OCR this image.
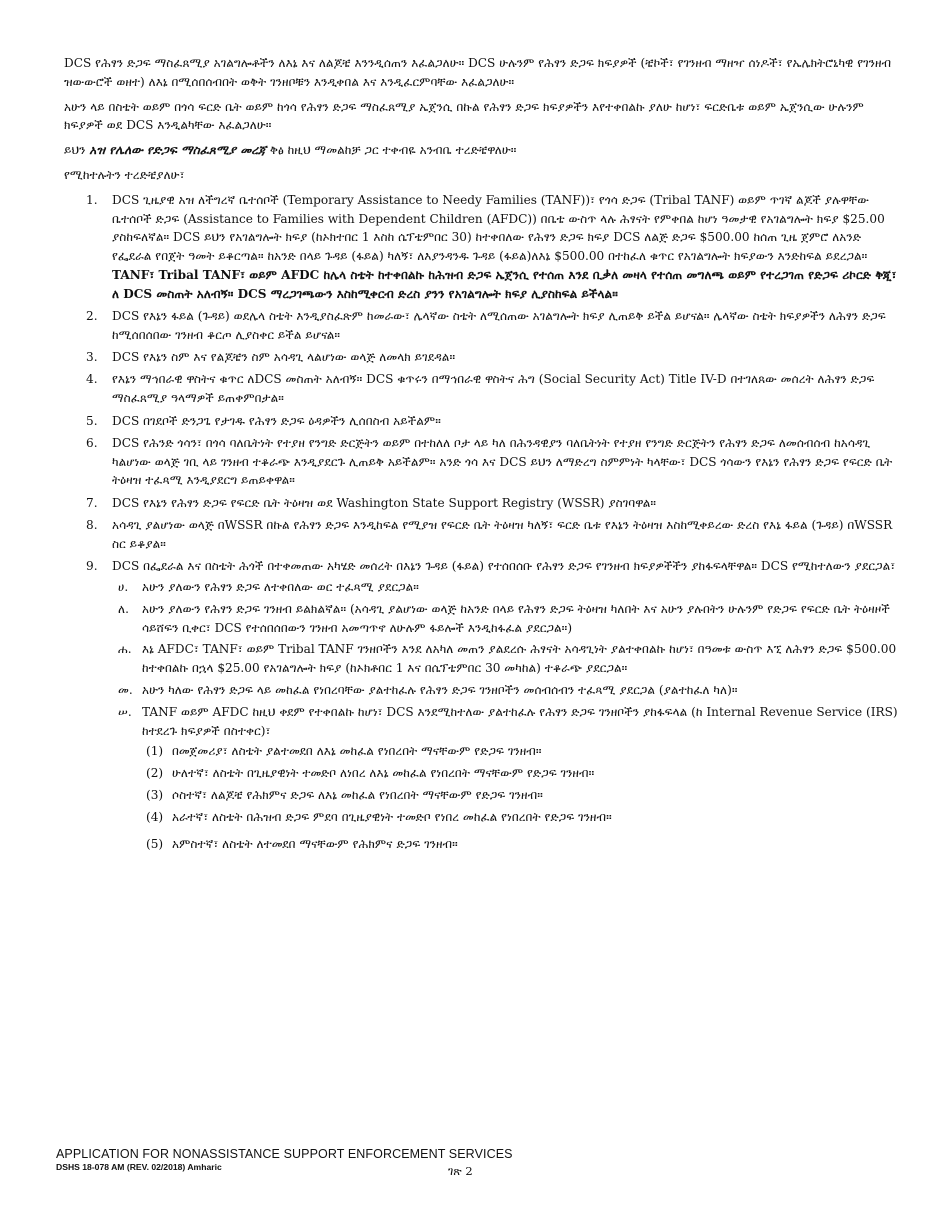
DCS የሕፃን ድጋፍ ማስፈጸሚያ አገልግሎቶችን ለእኔ እና ለልጆቼ እንንዲሰጠን እፈልጋለሁ። DCS ሁሉንም የሕፃን ድጋፍ ክፍያዎች (ቼኮች፣ የገንዘብ ማዘዣ ሰነዶች፣ የኤሌክትሮኒካዊ የገንዘብ ዝውውሮች ወዘተ) ለእኔ በሚሰበሰብበት ወቅት ገንዘቦቹን እንዲቀበል እና እንዲፈርምባቸው እፈልጋለሁ።

አሁን ላይ በስቴት ወይም በጎሳ ፍርድ ቤት ወይም ከጎሳ የሕፃን ድጋፍ ማስፈጸሚያ ኤጀንሲ በኩል የሕፃን ድጋፍ ክፍያዎችን እየተቀበልኩ ያለሁ ከሆነ፣ ፍርድቤቱ ወይም ኤጀንሲው ሁሉንም ክፍያዎች ወደ DCS እንዲልካቸው እፈልጋለሁ።

ይህን አዝ የሌለው የድጋፍ ማስፈጸሚያ መረጃ ቅፅ ከዚህ ማመልከቻ ጋር ተቀብዬ አንብቤ ተረድቼዋለሁ።

የሚከተሉትን ተረድቼያለሁ፣

1. DCS ጊዜያዊ አዝ ለችግረኛ ቤተሰቦች (Temporary Assistance to Needy Families (TANF))፣ የጎሳ ድጋፍ (Tribal TANF) ወይም ጥገኛ ልጆች ያሉዋቸው ቤተሰቦች ድጋፍ (Assistance to Families with Dependent Children (AFDC)) በቤቴ ውስጥ ላሉ ሕፃናት የምቀበል ከሆነ ዓመታዊ የአገልግሎት ክፍያ $25.00 ያስከፍለኛል። DCS ይህን የአገልግሎት ክፍያ (ከኦክተበር 1 እስከ ሴፕቴምበር 30) ከተቀበለው የሕፃን ድጋፍ ክፍያ DCS ለልጅ ድጋፍ $500.00 ከሰጠ ጊዜ ጀምሮ ለአንድ የፌደራል የበጀት ዓመት ይቆርጣል። ከአንድ በላይ ጉዳይ (ፋይል) ካለኝ፣ ለእያንዳንዱ ጉዳይ (ፋይል)ለእኔ $500.00 በተከፈለ ቁጥር የአገልግሎት ክፍያውን እንድከፍል ይደረጋል። TANF፣ Tribal TANF፣ ወይም AFDC ከሌላ ስቴት ከተቀበልኩ ከሕዝብ ድጋፍ ኤጀንሲ የተሰጠ እንደ ቢቃለ መዛላ የተሰጠ መግለጫ ወይም የተረጋገጠ የድጋፍ ሪኮርድ ቅጂ፣ ለ DCS መስጠት አለብኝ። DCS ማረጋገጫውን እስከሚቀርብ ድረስ ያንን የአገልግሎት ክፍያ ሊያስከፍል ይችላል።
2. DCS የእኔን ፋይል (ጉዳይ) ወደሌላ ስቴት እንዲያስፈጽም ከመራው፣ ሌላኛው ስቴት ለሚሰጠው አገልግሎት ክፍያ ሊጠይቅ ይችል ይሆናል። ሌላኛው ስቴት ክፍያዎችን ለሕፃን ድጋፍ ከሚሰበሰበው ገንዘብ ቆርጦ ሊያስቀር ይችል ይሆናል።
3. DCS የእኔን ስም እና የልጆቼን ስም አሳዳጊ ላልሆነው ወላጅ ለመላክ ይገደዳል።
4. የእኔን ማኅበራዊ ዋስትና ቁጥር ለDCS መስጠት አለብኝ። DCS ቁጥሩን በማኅበራዊ ዋስትና ሕግ (Social Security Act) Title IV-D በተገለጸው መሰረት ለሕፃን ድጋፍ ማስፈጸሚያ ዓላማዎች ይጠቀምበታል።
5. DCS በገደቦች ድንጋጌ የታገዱ የሕፃን ድጋፍ ዕዳዎችን ሊሰበስብ አይችልም።
6. DCS የሕንድ ጎሳን፣ በጎሳ ባለቤትነት የተያዘ የንግድ ድርጅትን ወይም በተከለለ ቦታ ላይ ካለ በሕንዳዊያን ባለቤትነት የተያዘ የንግድ ድርጅትን የሕፃን ድጋፍ ለመሰብሰብ ከአሳዳጊ ካልሆነው ወላጅ ገቢ ላይ ገንዘብ ተቆራጭ እንዲያደርጉ ሊጠይቅ አይችልም። አንድ ጎሳ እና DCS ይህን ለማድረግ ስምምነት ካላቸው፣ DCS ጎሳውን የእኔን የሕፃን ድጋፍ የፍርድ ቤት ትዕዛዝ ተፈጻሚ እንዲያደርግ ይጠይቀዋል።
7. DCS የእኔን የሕፃን ድጋፍ የፍርድ ቤት ትዕዛዝ ወደ Washington State Support Registry (WSSR) ያስገባዋል።
8. አሳዳጊ ያልሆነው ወላጅ በWSSR በኩል የሕፃን ድጋፍ እንዲከፍል የሚያዝ የፍርድ ቤት ትዕዛዝ ካለኝ፣ ፍርድ ቤቱ የእኔን ትዕዛዝ እስከሚቀይረው ድረስ የእኔ ፋይል (ጉዳይ) በWSSR ስር ይቆያል።
9. DCS በፌደራል እና በስቴት ሕጎች በተቀመጠው አካሄድ መሰረት በእኔን ጉዳይ (ፋይል) የተሰበሰቡ የሕፃን ድጋፍ የገንዘብ ክፍያዎችችን ያከፋፍላቸዋል። DCS የሚከተለውን ያደርጋል፣
ሀ. አሁን ያለውን የሕፃን ድጋፍ ለተቀበለው ወር ተፈጻሚ ያደርጋል።
ለ. አሁን ያለውን የሕፃን ድጋፍ ገንዘብ ይልክልኛል። (አሳዳጊ ያልሆነው ወላጅ ከአንድ በላይ የሕፃን ድጋፍ ትዕዛዝ ካለበት እና አሁን ያሉበትን ሁሉንም የድጋፍ የፍርድ ቤት ትዕዛዞች ሳይሸፍን ቢቀር፣ DCS የተሰበሰበውን ገንዘብ አመጣጥኖ ለሁሉም ፋይሎች እንዲከፋፈል ያደርጋል።)
ሐ. እኔ AFDC፣ TANF፣ ወይም Tribal TANF ገንዘቦችን እንደ ለአካለ መጠን ያልደረሱ ሕፃናት አሳዳጊነት ያልተቀበልኩ ከሆነ፣ በዓመቱ ውስጥ እኚ ለሕፃን ድጋፍ $500.00 ከተቀበልኩ በኋላ $25.00 የአገልግሎት ክፍያ (ከኦክቶበር 1 እና በሴፕቴምበር 30 መካከል) ተቆራጭ ያደርጋል።
መ. አሁን ካለው የሕፃን ድጋፍ ላይ መከፈል የነበረባቸው ያልተከፈሉ የሕፃን ድጋፍ ገንዘቦችን መሰብሰብን ተፈጻሚ ያደርጋል (ያልተከፈለ ካለ)።
ሠ. TANF ወይም AFDC ከዚህ ቀደም የተቀበልኩ ከሆነ፣ DCS እንደሚከተለው ያልተከፈሉ የሕፃን ድጋፍ ገንዘቦችን ያከፋፍላል (ከ Internal Revenue Service (IRS) ከተደረጉ ክፍያዎች በስተቀር)፣
(1) በመጀመሪያ፣ ለስቴት ያልተመደበ ለእኔ መከፈል የነበረበት ማናቸውም የድጋፍ ገንዘብ።
(2) ሁለተኛ፣ ለስቴት በጊዜያዊነት ተመድቦ ለነበረ ለእኔ መከፈል የነበረበት ማናቸውም የድጋፍ ገንዘብ።
(3) ሶስተኛ፣ ለልጆቼ የሕክምና ድጋፍ ለእኔ መከፈል የነበረበት ማናቸውም የድጋፍ ገንዘብ።
(4) አራተኛ፣ ለስቴት በሕዝብ ድጋፍ ምደባ በጊዜያዊነት ተመድቦ የነበረ መከፈል የነበረበት የድጋፍ ገንዘብ።
(5) አምስተኛ፣ ለስቴት ለተመደበ ማናቸውም የሕክምና ድጋፍ ገንዘብ።
APPLICATION FOR NONASSISTANCE SUPPORT ENFORCEMENT SERVICES
DSHS 18-078 AM (REV. 02/2018) Amharic	ገጽ 2
